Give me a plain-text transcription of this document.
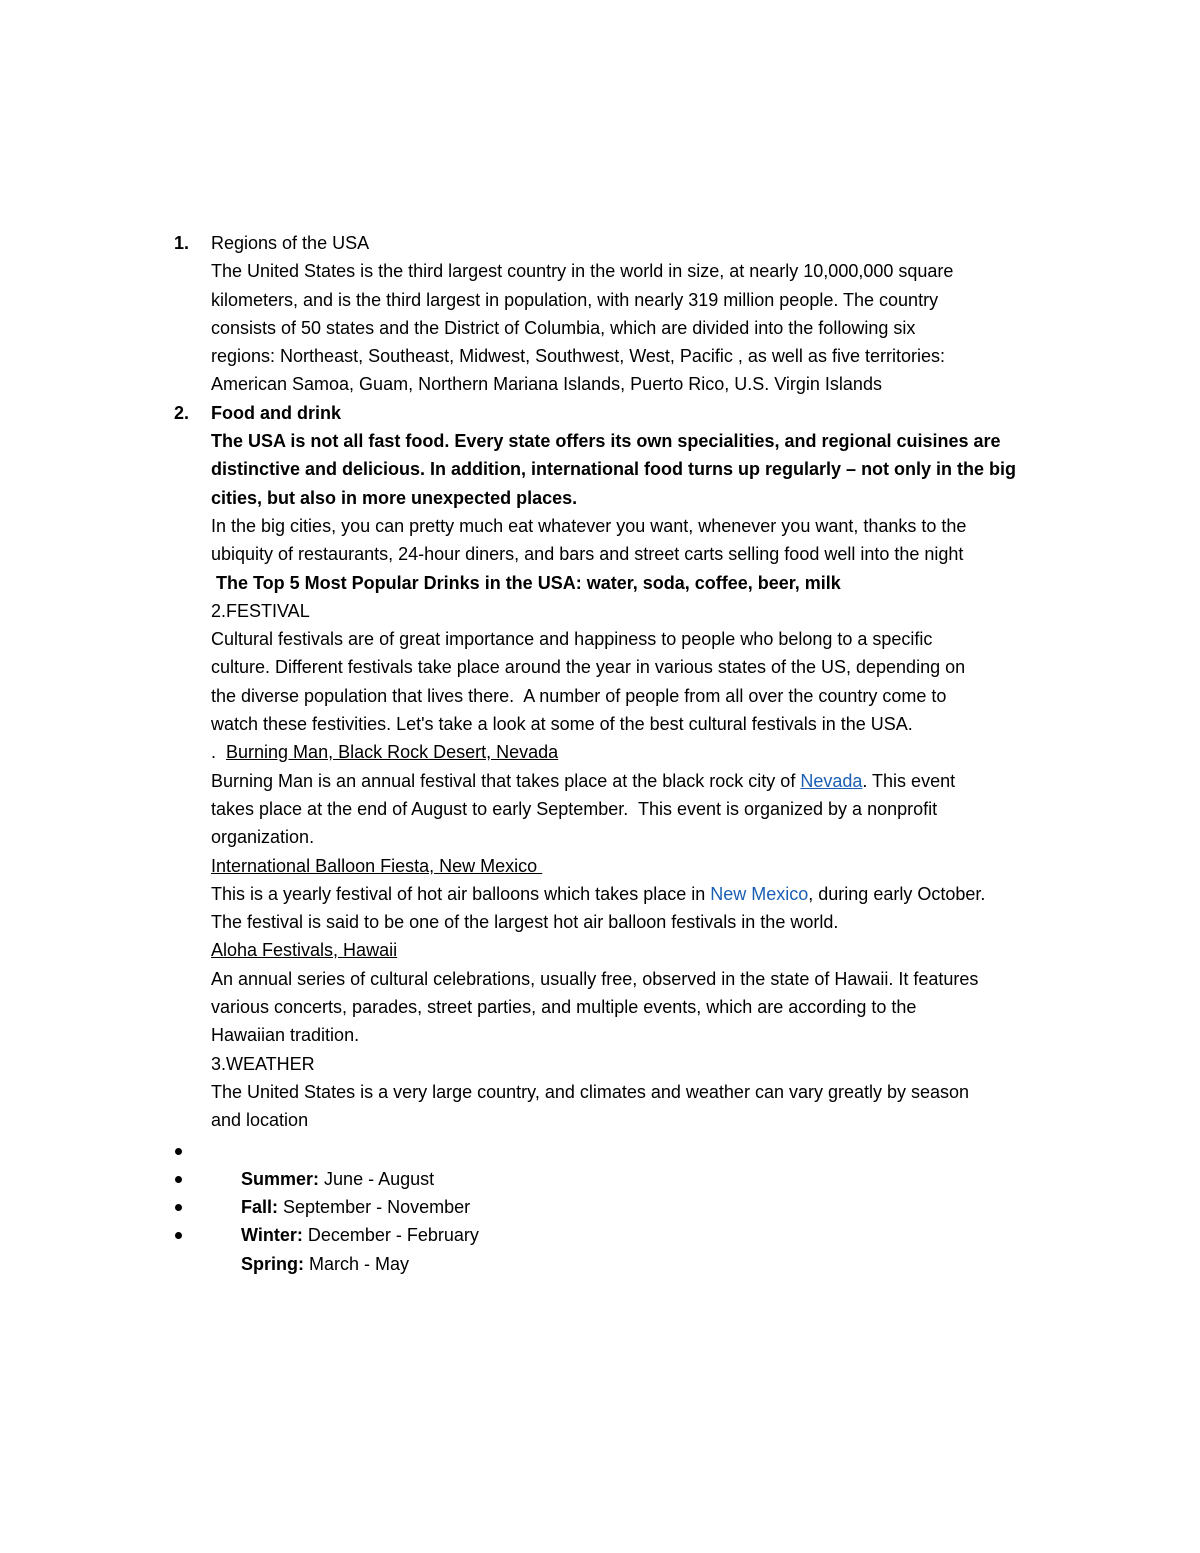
1. Regions of the USA
The United States is the third largest country in the world in size, at nearly 10,000,000 square
kilometers, and is the third largest in population, with nearly 319 million people. The country
consists of 50 states and the District of Columbia, which are divided into the following six
regions: Northeast, Southeast, Midwest, Southwest, West, Pacific , as well as five territories:
American Samoa, Guam, Northern Mariana Islands, Puerto Rico, U.S. Virgin Islands
2. Food and drink
The USA is not all fast food. Every state offers its own specialities, and regional cuisines are
distinctive and delicious. In addition, international food turns up regularly – not only in the big
cities, but also in more unexpected places.
In the big cities, you can pretty much eat whatever you want, whenever you want, thanks to the
ubiquity of restaurants, 24-hour diners, and bars and street carts selling food well into the night
The Top 5 Most Popular Drinks in the USA: water, soda, coffee, beer, milk
2.FESTIVAL
Cultural festivals are of great importance and happiness to people who belong to a specific
culture. Different festivals take place around the year in various states of the US, depending on
the diverse population that lives there.  A number of people from all over the country come to
watch these festivities. Let's take a look at some of the best cultural festivals in the USA.
.  Burning Man, Black Rock Desert, Nevada
Burning Man is an annual festival that takes place at the black rock city of Nevada. This event
takes place at the end of August to early September.  This event is organized by a nonprofit
organization.
International Balloon Fiesta, New Mexico
This is a yearly festival of hot air balloons which takes place in New Mexico, during early October.
The festival is said to be one of the largest hot air balloon festivals in the world.
Aloha Festivals, Hawaii
An annual series of cultural celebrations, usually free, observed in the state of Hawaii. It features
various concerts, parades, street parties, and multiple events, which are according to the
Hawaiian tradition.
3.WEATHER
The United States is a very large country, and climates and weather can vary greatly by season
and location

Summer: June - August

Fall: September - November

Winter: December - February

Spring: March - May
